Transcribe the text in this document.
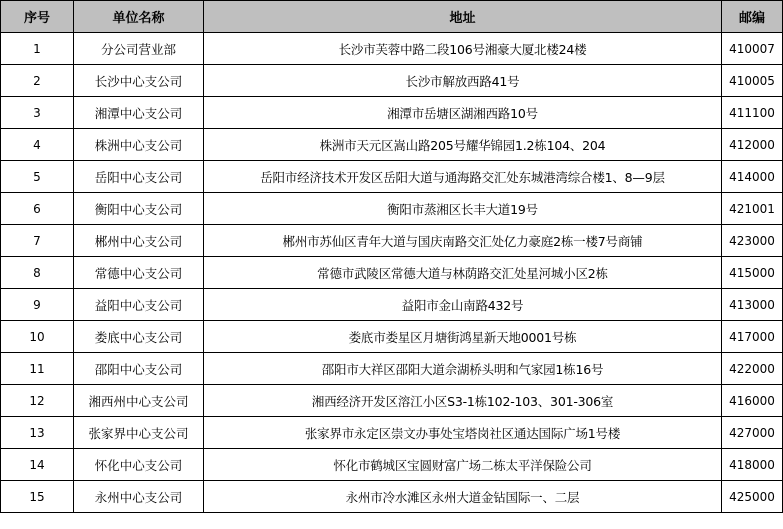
序号	单位名称	地址	邮编
1	分公司营业部	长沙市芙蓉中路二段106号湘豪大厦北楼24楼	410007
2	长沙中心支公司	长沙市解放西路41号	410005
3	湘潭中心支公司	湘潭市岳塘区湖湘西路10号	411100
4	株洲中心支公司	株洲市天元区嵩山路205号耀华锦园1.2栋104、204	412000
5	岳阳中心支公司	岳阳市经济技术开发区岳阳大道与通海路交汇处东城港湾综合楼1、8—9层	414000
6	衡阳中心支公司	衡阳市蒸湘区长丰大道19号	421001
7	郴州中心支公司	郴州市苏仙区青年大道与国庆南路交汇处亿力豪庭2栋一楼7号商铺	423000
8	常德中心支公司	常德市武陵区常德大道与林荫路交汇处星河城小区2栋	415000
9	益阳中心支公司	益阳市金山南路432号	413000
10	娄底中心支公司	娄底市娄星区月塘街鸿星新天地0001号栋	417000
11	邵阳中心支公司	邵阳市大祥区邵阳大道佘湖桥头明和气家园1栋16号	422000
12	湘西州中心支公司	湘西经济开发区溶江小区S3-1栋102-103、301-306室	416000
13	张家界中心支公司	张家界市永定区崇文办事处宝塔岗社区通达国际广场1号楼	427000
14	怀化中心支公司	怀化市鹤城区宝圆财富广场二栋太平洋保险公司	418000
15	永州中心支公司	永州市冷水滩区永州大道金钻国际一、二层	425000
